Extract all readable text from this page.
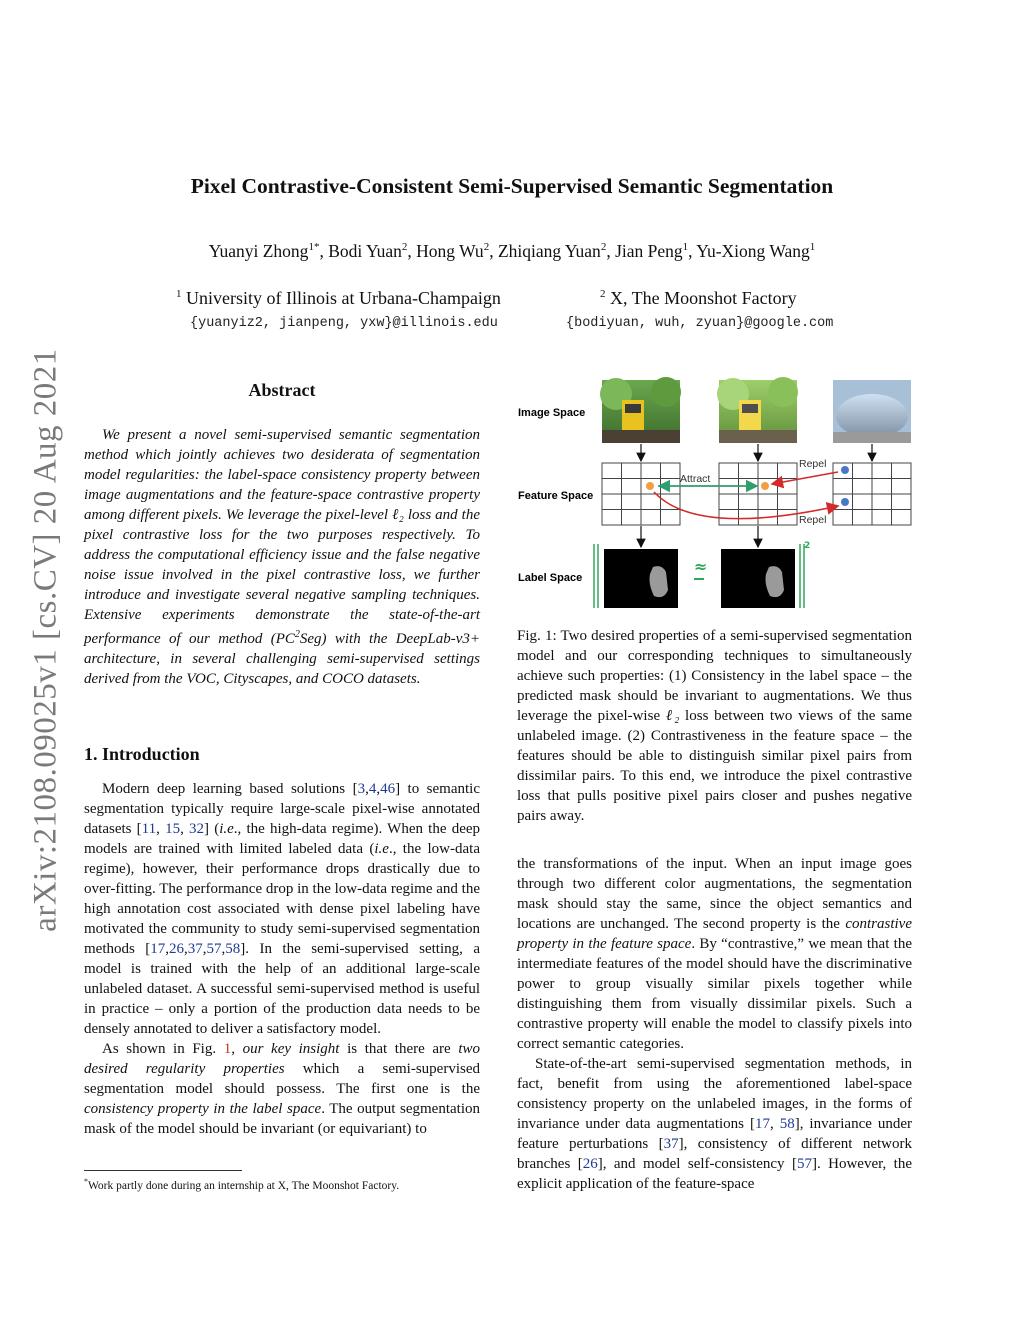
arXiv:2108.09025v1 [cs.CV] 20 Aug 2021
Pixel Contrastive-Consistent Semi-Supervised Semantic Segmentation
Yuanyi Zhong$^{1*}$, Bodi Yuan$^2$, Hong Wu$^2$, Zhiqiang Yuan$^2$, Jian Peng$^1$, Yu-Xiong Wang$^1$
$^1$ University of Illinois at Urbana-Champaign	$^2$ X, The Moonshot Factory
{yuanyiz2, jianpeng, yxw}@illinois.edu	{bodiyuan, wuh, zyuan}@google.com
Abstract

We present a novel semi-supervised semantic segmentation method which jointly achieves two desiderata of segmentation model regularities: the label-space consistency property between image augmentations and the feature-space contrastive property among different pixels. We leverage the pixel-level ℓ₂ loss and the pixel contrastive loss for the two purposes respectively. To address the computational efficiency issue and the false negative noise issue involved in the pixel contrastive loss, we further introduce and investigate several negative sampling techniques. Extensive experiments demonstrate the state-of-the-art performance of our method $(PC^2Seg)$ with the DeepLab-v3+ architecture, in several challenging semi-supervised settings derived from the VOC, Cityscapes, and COCO datasets.

1. Introduction

Modern deep learning based solutions [3,4,46] to semantic segmentation typically require large-scale pixel-wise annotated datasets [11, 15, 32] (i.e., the high-data regime). When the deep models are trained with limited labeled data (i.e., the low-data regime), however, their performance drops drastically due to over-fitting. The performance drop in the low-data regime and the high annotation cost associated with dense pixel labeling have motivated the community to study semi-supervised segmentation methods [17,26,37,57,58]. In the semi-supervised setting, a model is trained with the help of an additional large-scale unlabeled dataset. A successful semi-supervised method is useful in practice – only a portion of the production data needs to be densely annotated to deliver a satisfactory model.

As shown in Fig. 1, our key insight is that there are two desired regularity properties which a semi-supervised segmentation model should possess. The first one is the consistency property in the label space. The output segmentation mask of the model should be invariant (or equivariant) to

*Work partly done during an internship at X, The Moonshot Factory.
Image Space
Feature Space
Label Space
Attract
Repel
Repel
≈
2
Fig. 1: Two desired properties of a semi-supervised segmentation model and our corresponding techniques to simultaneously achieve such properties: (1) Consistency in the label space – the predicted mask should be invariant to augmentations. We thus leverage the pixel-wise ℓ₂ loss between two views of the same unlabeled image. (2) Contrastiveness in the feature space – the features should be able to distinguish similar pixel pairs from dissimilar pairs. To this end, we introduce the pixel contrastive loss that pulls positive pixel pairs closer and pushes negative pairs away.

the transformations of the input. When an input image goes through two different color augmentations, the segmentation mask should stay the same, since the object semantics and locations are unchanged. The second property is the contrastive property in the feature space. By “contrastive,” we mean that the intermediate features of the model should have the discriminative power to group visually similar pixels together while distinguishing them from visually dissimilar pixels. Such a contrastive property will enable the model to classify pixels into correct semantic categories.

State-of-the-art semi-supervised segmentation methods, in fact, benefit from using the aforementioned label-space consistency property on the unlabeled images, in the forms of invariance under data augmentations [17, 58], invariance under feature perturbations [37], consistency of different network branches [26], and model self-consistency [57]. However, the explicit application of the feature-space
